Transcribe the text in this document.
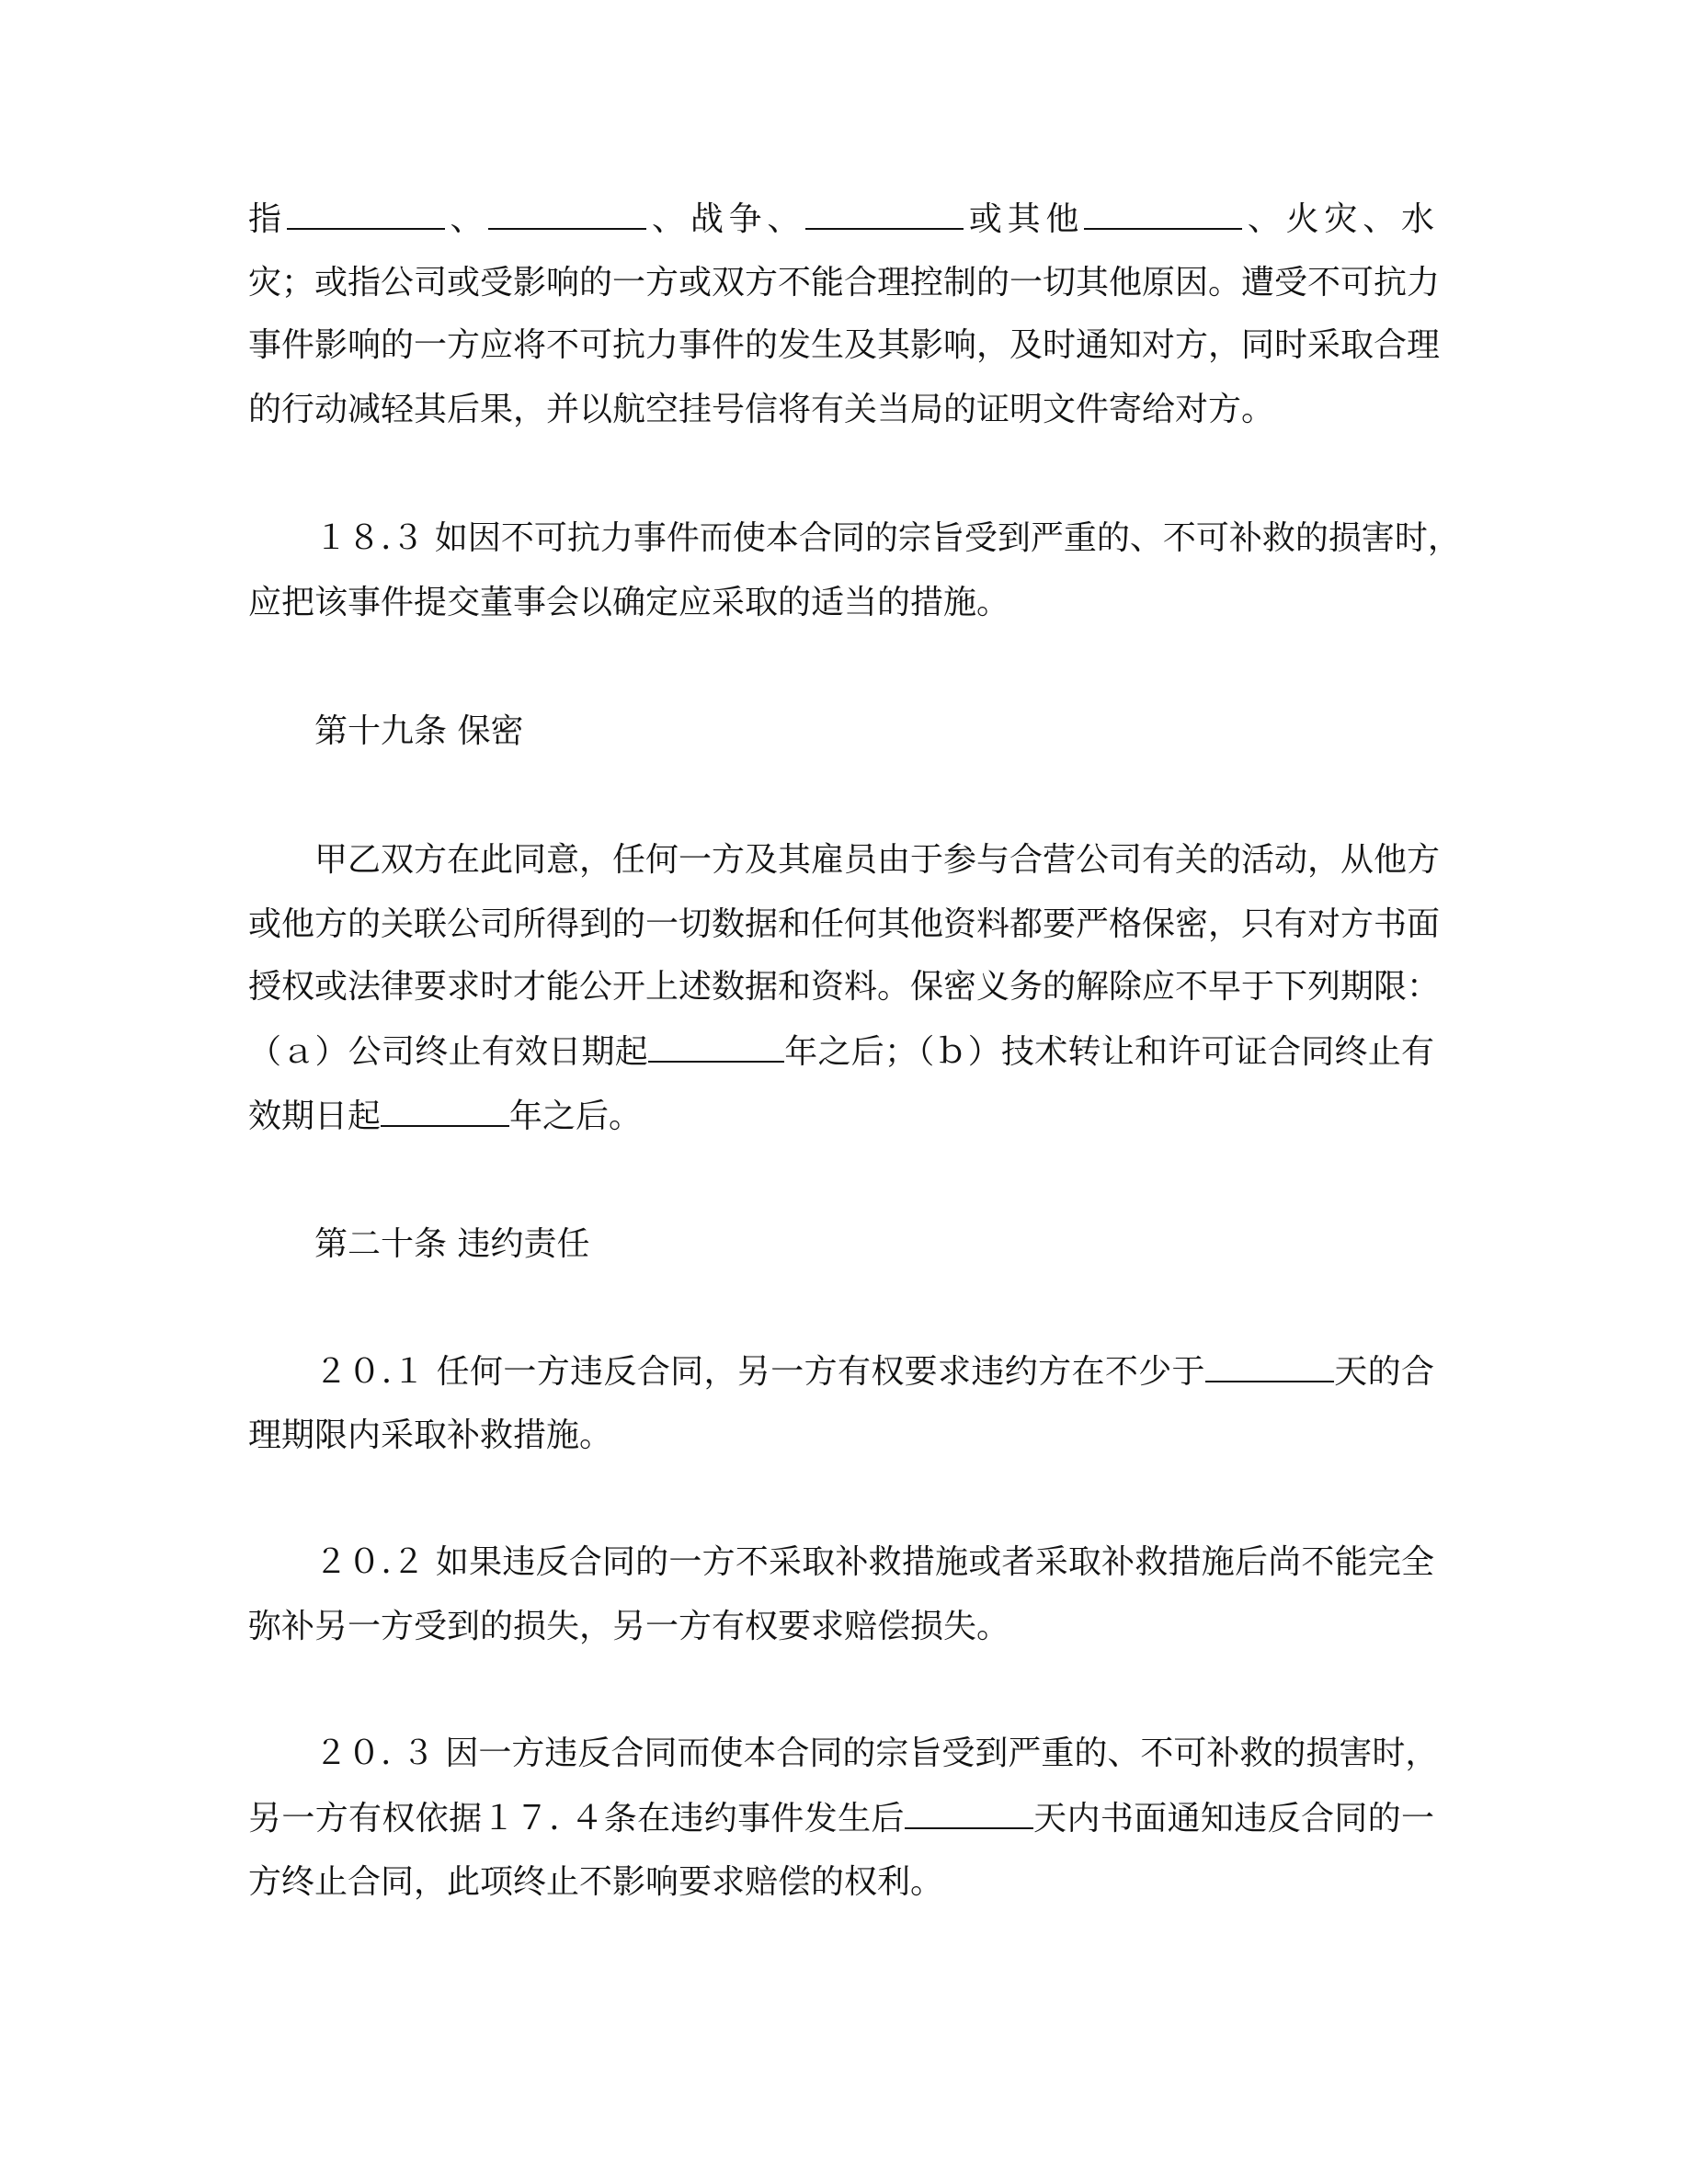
指	、	、战争、	或其他	、火灾、水
灾；或指公司或受影响的一方或双方不能合理控制的一切其他原因。遭受不可抗力
事件影响的一方应将不可抗力事件的发生及其影响，及时通知对方，同时采取合理
的行动减轻其后果，并以航空挂号信将有关当局的证明文件寄给对方。
１８.３ 如因不可抗力事件而使本合同的宗旨受到严重的、不可补救的损害时，
应把该事件提交董事会以确定应采取的适当的措施。
第十九条 保密
甲乙双方在此同意，任何一方及其雇员由于参与合营公司有关的活动，从他方
或他方的关联公司所得到的一切数据和任何其他资料都要严格保密，只有对方书面
授权或法律要求时才能公开上述数据和资料。保密义务的解除应不早于下列期限：
（ａ）公司终止有效日期起	年之后；（ｂ）技术转让和许可证合同终止有
效期日起	年之后。
第二十条 违约责任
２０.１ 任何一方违反合同，另一方有权要求违约方在不少于	天的合
理期限内采取补救措施。
２０.２ 如果违反合同的一方不采取补救措施或者采取补救措施后尚不能完全
弥补另一方受到的损失，另一方有权要求赔偿损失。
２０. ３ 因一方违反合同而使本合同的宗旨受到严重的、不可补救的损害时，
另一方有权依据１７. ４条在违约事件发生后	天内书面通知违反合同的一
方终止合同，此项终止不影响要求赔偿的权利。
